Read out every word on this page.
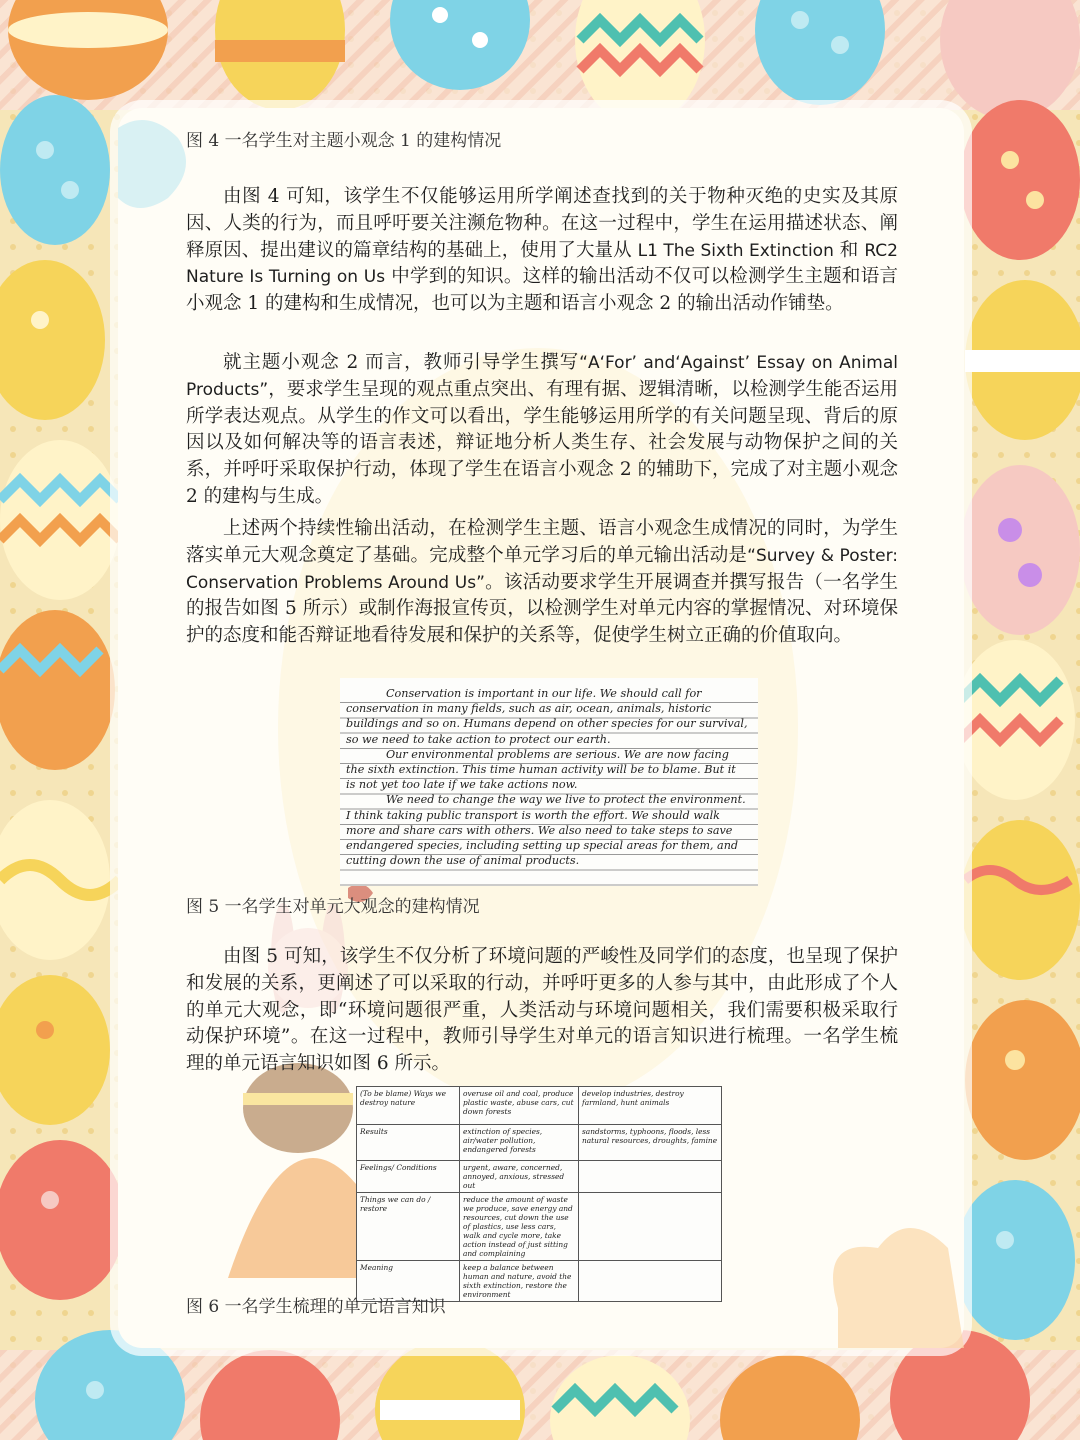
图 4 一名学生对主题小观念 1 的建构情况

由图 4 可知，该学生不仅能够运用所学阐述查找到的关于物种灭绝的史实及其原因、人类的行为，而且呼吁要关注濒危物种。在这一过程中，学生在运用描述状态、阐释原因、提出建议的篇章结构的基础上，使用了大量从 L1 The Sixth Extinction 和 RC2 Nature Is Turning on Us 中学到的知识。这样的输出活动不仅可以检测学生主题和语言小观念 1 的建构和生成情况，也可以为主题和语言小观念 2 的输出活动作铺垫。

就主题小观念 2 而言，教师引导学生撰写“A‘For’ and‘Against’ Essay on Animal Products”，要求学生呈现的观点重点突出、有理有据、逻辑清晰，以检测学生能否运用所学表达观点。从学生的作文可以看出，学生能够运用所学的有关问题呈现、背后的原因以及如何解决等的语言表述，辩证地分析人类生存、社会发展与动物保护之间的关系，并呼吁采取保护行动，体现了学生在语言小观念 2 的辅助下，完成了对主题小观念 2 的建构与生成。

上述两个持续性输出活动，在检测学生主题、语言小观念生成情况的同时，为学生落实单元大观念奠定了基础。完成整个单元学习后的单元输出活动是“Survey & Poster: Conservation Problems Around Us”。该活动要求学生开展调查并撰写报告（一名学生的报告如图 5 所示）或制作海报宣传页，以检测学生对单元内容的掌握情况、对环境保护的态度和能否辩证地看待发展和保护的关系等，促使学生树立正确的价值取向。

Conservation is important in our life. We should call for conservation in many fields, such as air, ocean, animals, historic buildings and so on. Humans depend on other species for our survival, so we need to take action to protect our earth.

Our environmental problems are serious. We are now facing the sixth extinction. This time human activity will be to blame. But it is not yet too late if we take actions now.

We need to change the way we live to protect the environment. I think taking public transport is worth the effort. We should walk more and share cars with others. We also need to take steps to save endangered species, including setting up special areas for them, and cutting down the use of animal products.

图 5 一名学生对单元大观念的建构情况

由图 5 可知，该学生不仅分析了环境问题的严峻性及同学们的态度，也呈现了保护和发展的关系，更阐述了可以采取的行动，并呼吁更多的人参与其中，由此形成了个人的单元大观念，即“环境问题很严重，人类活动与环境问题相关，我们需要积极采取行动保护环境”。在这一过程中，教师引导学生对单元的语言知识进行梳理。一名学生梳理的单元语言知识如图 6 所示。

(To be blame) Ways we destroy nature	overuse oil and coal, produce plastic waste, abuse cars, cut down forests	develop industries, destroy farmland, hunt animals
Results	extinction of species, air/water pollution, endangered forests	sandstorms, typhoons, floods, less natural resources, droughts, famine
Feelings/ Conditions	urgent, aware, concerned, annoyed, anxious, stressed out	
Things we can do / restore	reduce the amount of waste we produce, save energy and resources, cut down the use of plastics, use less cars, walk and cycle more, take action instead of just sitting and complaining	
Meaning	keep a balance between human and nature, avoid the sixth extinction, restore the environment	
图 6 一名学生梳理的单元语言知识
